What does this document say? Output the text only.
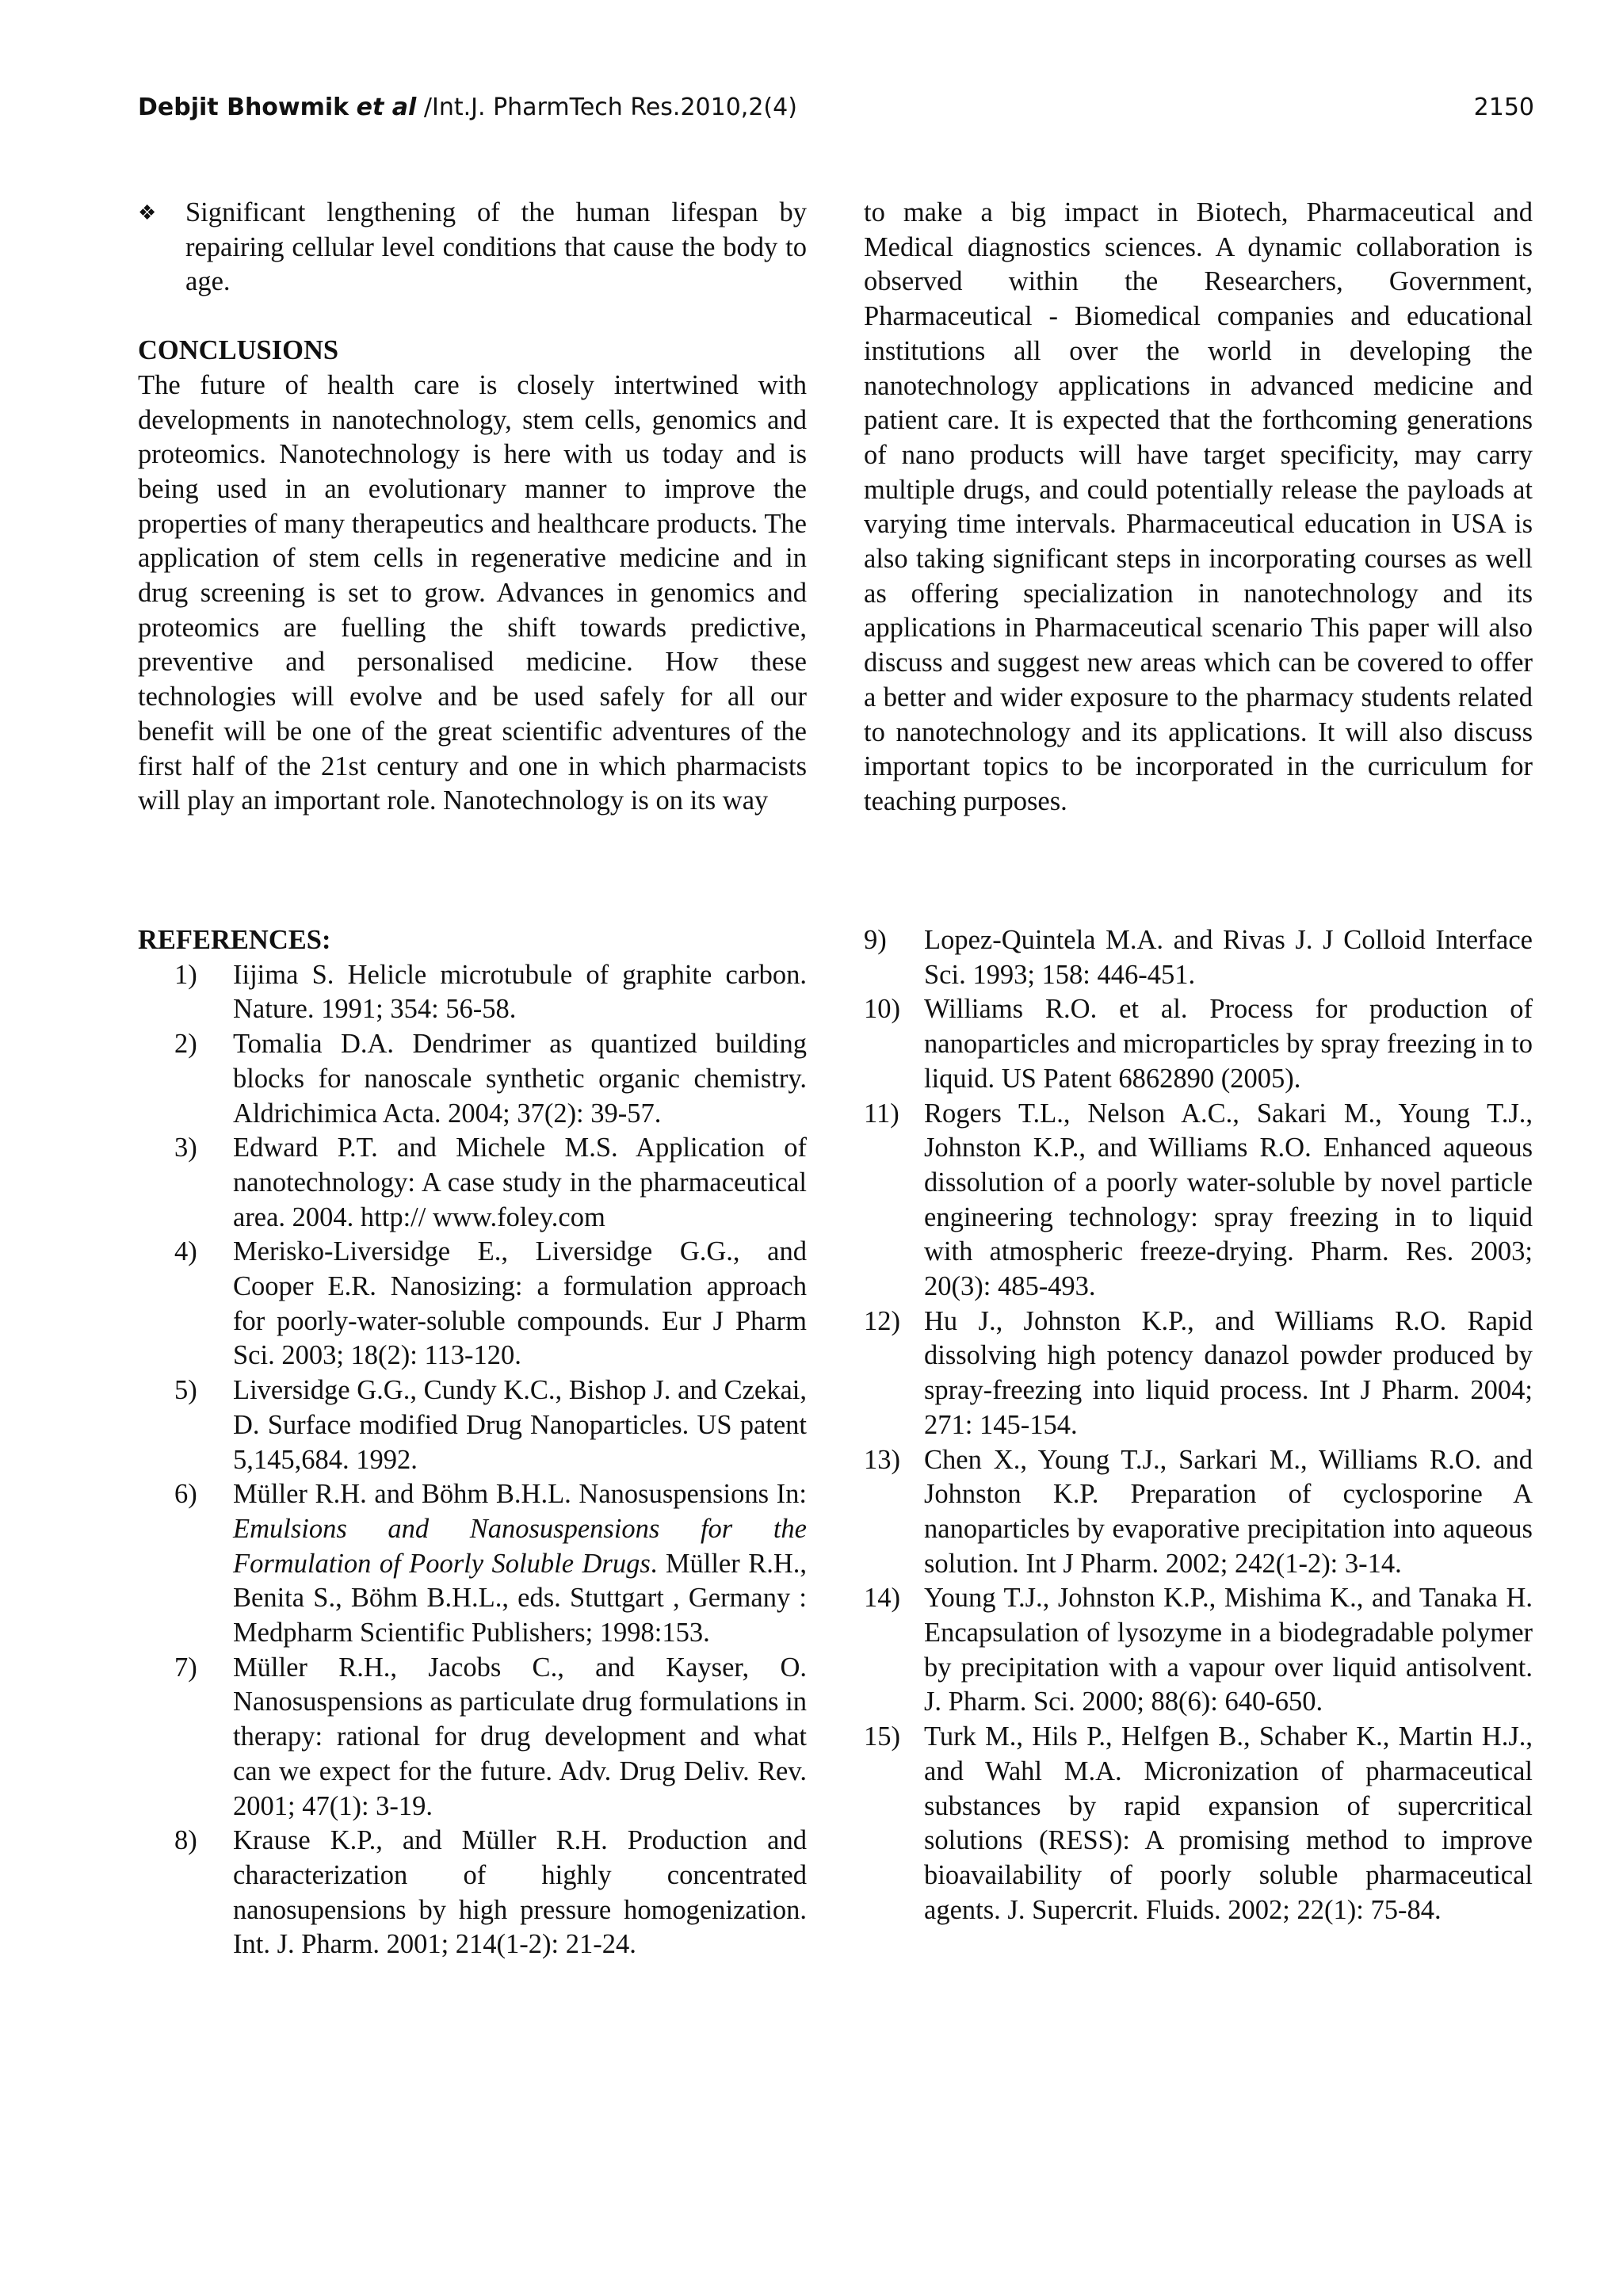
Debjit Bhowmik et al /Int.J. PharmTech Res.2010,2(4)	2150
❖	Significant lengthening of the human lifespan by repairing cellular level conditions that cause the body to age.

CONCLUSIONS

The future of health care is closely intertwined with developments in nanotechnology, stem cells, genomics and proteomics. Nanotechnology is here with us today and is being used in an evolutionary manner to improve the properties of many therapeutics and healthcare products. The application of stem cells in regenerative medicine and in drug screening is set to grow. Advances in genomics and proteomics are fuelling the shift towards predictive, preventive and personalised medicine. How these technologies will evolve and be used safely for all our benefit will be one of the great scientific adventures of the first half of the 21st century and one in which pharmacists will play an important role. Nanotechnology is on its way

to make a big impact in Biotech, Pharmaceutical and Medical diagnostics sciences. A dynamic collaboration is observed within the Researchers, Government, Pharmaceutical - Biomedical companies and educational institutions all over the world in developing the nanotechnology applications in advanced medicine and patient care. It is expected that the forthcoming generations of nano products will have target specificity, may carry multiple drugs, and could potentially release the payloads at varying time intervals. Pharmaceutical education in USA is also taking significant steps in incorporating courses as well as offering specialization in nanotechnology and its applications in Pharmaceutical scenario This paper will also discuss and suggest new areas which can be covered to offer a better and wider exposure to the pharmacy students related to nanotechnology and its applications. It will also discuss important topics to be incorporated in the curriculum for teaching purposes.

REFERENCES:

1)	Iijima S. Helicle microtubule of graphite carbon. Nature. 1991; 354: 56-58.
2)	Tomalia D.A. Dendrimer as quantized building blocks for nanoscale synthetic organic chemistry. Aldrichimica Acta. 2004; 37(2): 39-57.
3)	Edward P.T. and Michele M.S. Application of nanotechnology: A case study in the pharmaceutical area. 2004. http:// www.foley.com
4)	Merisko-Liversidge E., Liversidge G.G., and Cooper E.R. Nanosizing: a formulation approach for poorly-water-soluble compounds. Eur J Pharm Sci. 2003; 18(2): 113-120.
5)	Liversidge G.G., Cundy K.C., Bishop J. and Czekai, D. Surface modified Drug Nanoparticles. US patent 5,145,684. 1992.
6)	Müller R.H. and Böhm B.H.L. Nanosuspensions In: Emulsions and Nanosuspensions for the Formulation of Poorly Soluble Drugs. Müller R.H., Benita S., Böhm B.H.L., eds. Stuttgart , Germany : Medpharm Scientific Publishers; 1998:153.
7)	Müller R.H., Jacobs C., and Kayser, O. Nanosuspensions as particulate drug formulations in therapy: rational for drug development and what can we expect for the future. Adv. Drug Deliv. Rev. 2001; 47(1): 3-19.
8)	Krause K.P., and Müller R.H. Production and characterization of highly concentrated nanosupensions by high pressure homogenization. Int. J. Pharm. 2001; 214(1-2): 21-24.
9)	Lopez-Quintela M.A. and Rivas J. J Colloid Interface Sci. 1993; 158: 446-451.
10) Williams R.O. et al. Process for production of nanoparticles and microparticles by spray freezing in to liquid. US Patent 6862890 (2005).
11) Rogers T.L., Nelson A.C., Sakari M., Young T.J., Johnston K.P., and Williams R.O. Enhanced aqueous dissolution of a poorly water-soluble by novel particle engineering technology: spray freezing in to liquid with atmospheric freeze-drying. Pharm. Res. 2003; 20(3): 485-493.
12) Hu J., Johnston K.P., and Williams R.O. Rapid dissolving high potency danazol powder produced by spray-freezing into liquid process. Int J Pharm. 2004; 271: 145-154.
13) Chen X., Young T.J., Sarkari M., Williams R.O. and Johnston K.P. Preparation of cyclosporine A nanoparticles by evaporative precipitation into aqueous solution. Int J Pharm. 2002; 242(1-2): 3-14.
14) Young T.J., Johnston K.P., Mishima K., and Tanaka H. Encapsulation of lysozyme in a biodegradable polymer by precipitation with a vapour over liquid antisolvent. J. Pharm. Sci. 2000; 88(6): 640-650.
15) Turk M., Hils P., Helfgen B., Schaber K., Martin H.J., and Wahl M.A. Micronization of pharmaceutical substances by rapid expansion of supercritical solutions (RESS): A promising method to improve bioavailability of poorly soluble pharmaceutical agents. J. Supercrit. Fluids. 2002; 22(1): 75-84.
